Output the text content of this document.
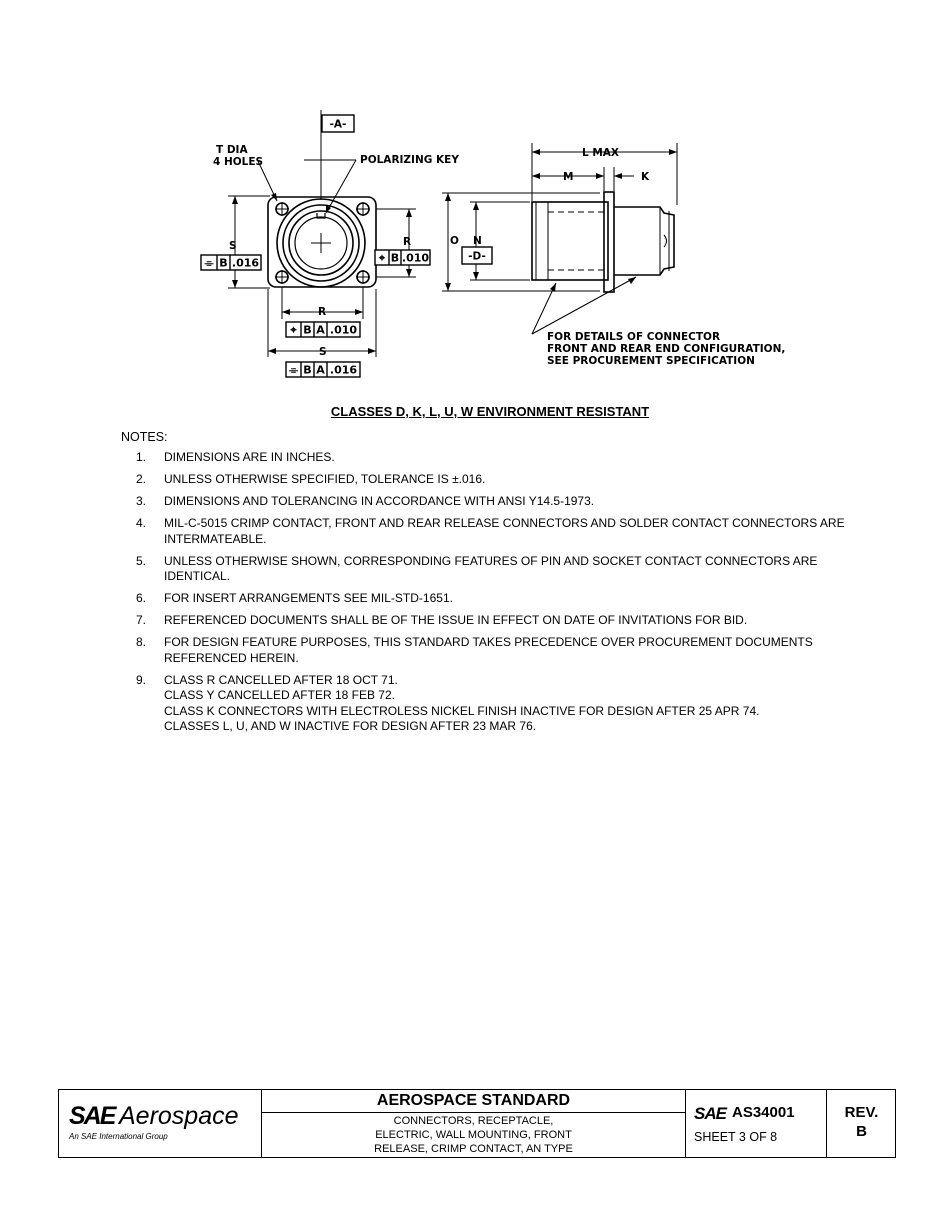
-A-
-D-
T DIA
4 HOLES	POLARIZING KEY
S	R
R
S
L MAX
M	K
O N
FOR DETAILS OF CONNECTOR
FRONT AND REAR END CONFIGURATION,
SEE PROCUREMENT SPECIFICATION
⌯ B .016	⌖ B .010
⌖ B A .010
⌯ B A .016
CLASSES D, K, L, U, W ENVIRONMENT RESISTANT
NOTES:
1.	DIMENSIONS ARE IN INCHES.
2.	UNLESS OTHERWISE SPECIFIED, TOLERANCE IS ±.016.
3.	DIMENSIONS AND TOLERANCING IN ACCORDANCE WITH ANSI Y14.5-1973.
4.	MIL-C-5015 CRIMP CONTACT, FRONT AND REAR RELEASE CONNECTORS AND SOLDER CONTACT CONNECTORS ARE INTERMATEABLE.
5.	UNLESS OTHERWISE SHOWN, CORRESPONDING FEATURES OF PIN AND SOCKET CONTACT CONNECTORS ARE IDENTICAL.
6.	FOR INSERT ARRANGEMENTS SEE MIL-STD-1651.
7.	REFERENCED DOCUMENTS SHALL BE OF THE ISSUE IN EFFECT ON DATE OF INVITATIONS FOR BID.
8.	FOR DESIGN FEATURE PURPOSES, THIS STANDARD TAKES PRECEDENCE OVER PROCUREMENT DOCUMENTS REFERENCED HEREIN.
9.	CLASS R CANCELLED AFTER 18 OCT 71.
CLASS Y CANCELLED AFTER 18 FEB 72.
CLASS K CONNECTORS WITH ELECTROLESS NICKEL FINISH INACTIVE FOR DESIGN AFTER 25 APR 74.
CLASSES L, U, AND W INACTIVE FOR DESIGN AFTER 23 MAR 76.
SAE Aerospace
An SAE International Group
AEROSPACE STANDARD
CONNECTORS, RECEPTACLE,
ELECTRIC, WALL MOUNTING, FRONT
RELEASE, CRIMP CONTACT, AN TYPE
SAE AS34001
SHEET 3 OF 8
REV.
B
